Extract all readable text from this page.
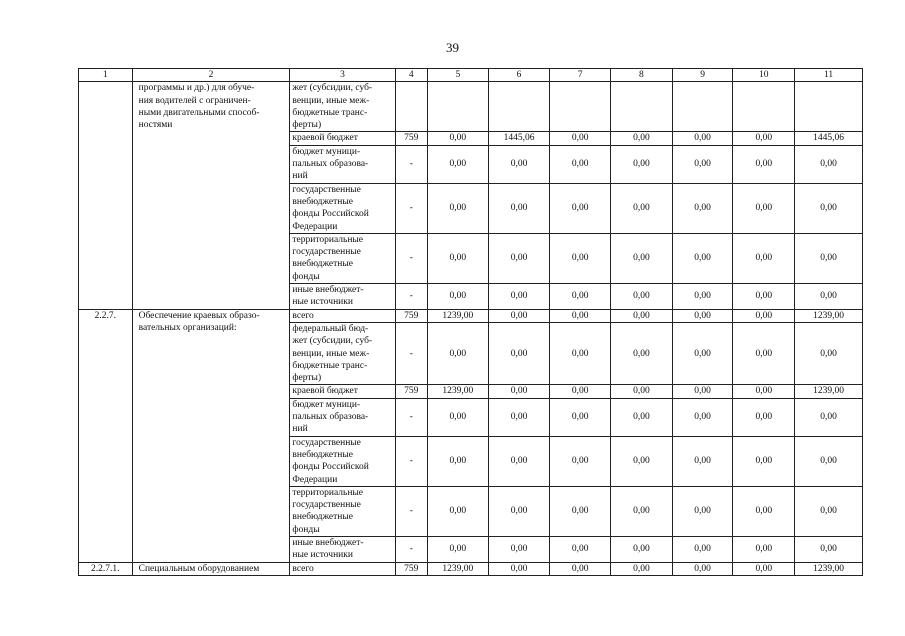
39
1	2	3	4	5	6	7	8	9	10	11

	программы и др.) для обуче-
ния водителей с ограничен-
ными двигательными способ-
ностями	жет (субсидии, суб-
венции, иные меж-
бюджетные транс-
ферты)								

		краевой бюджет	759	0,00	1445,06	0,00	0,00	0,00	0,00	1445,06

		бюджет муници-
пальных образова-
ний	-	0,00	0,00	0,00	0,00	0,00	0,00	0,00

		государственные
внебюджетные
фонды Российской
Федерации	-	0,00	0,00	0,00	0,00	0,00	0,00	0,00

		территориальные
государственные
внебюджетные
фонды	-	0,00	0,00	0,00	0,00	0,00	0,00	0,00

		иные внебюджет-
ные источники	-	0,00	0,00	0,00	0,00	0,00	0,00	0,00
2.2.7.	Обеспечение краевых образо-
вательных организаций:	всего	759	1239,00	0,00	0,00	0,00	0,00	0,00	1239,00

		федеральный бюд-
жет (субсидии, суб-
венции, иные меж-
бюджетные транс-
ферты)	-	0,00	0,00	0,00	0,00	0,00	0,00	0,00

		краевой бюджет	759	1239,00	0,00	0,00	0,00	0,00	0,00	1239,00

		бюджет муници-
пальных образова-
ний	-	0,00	0,00	0,00	0,00	0,00	0,00	0,00

		государственные
внебюджетные
фонды Российской
Федерации	-	0,00	0,00	0,00	0,00	0,00	0,00	0,00

		территориальные
государственные
внебюджетные
фонды	-	0,00	0,00	0,00	0,00	0,00	0,00	0,00

		иные внебюджет-
ные источники	-	0,00	0,00	0,00	0,00	0,00	0,00	0,00
2.2.7.1.	Специальным оборудованием	всего	759	1239,00	0,00	0,00	0,00	0,00	0,00	1239,00
